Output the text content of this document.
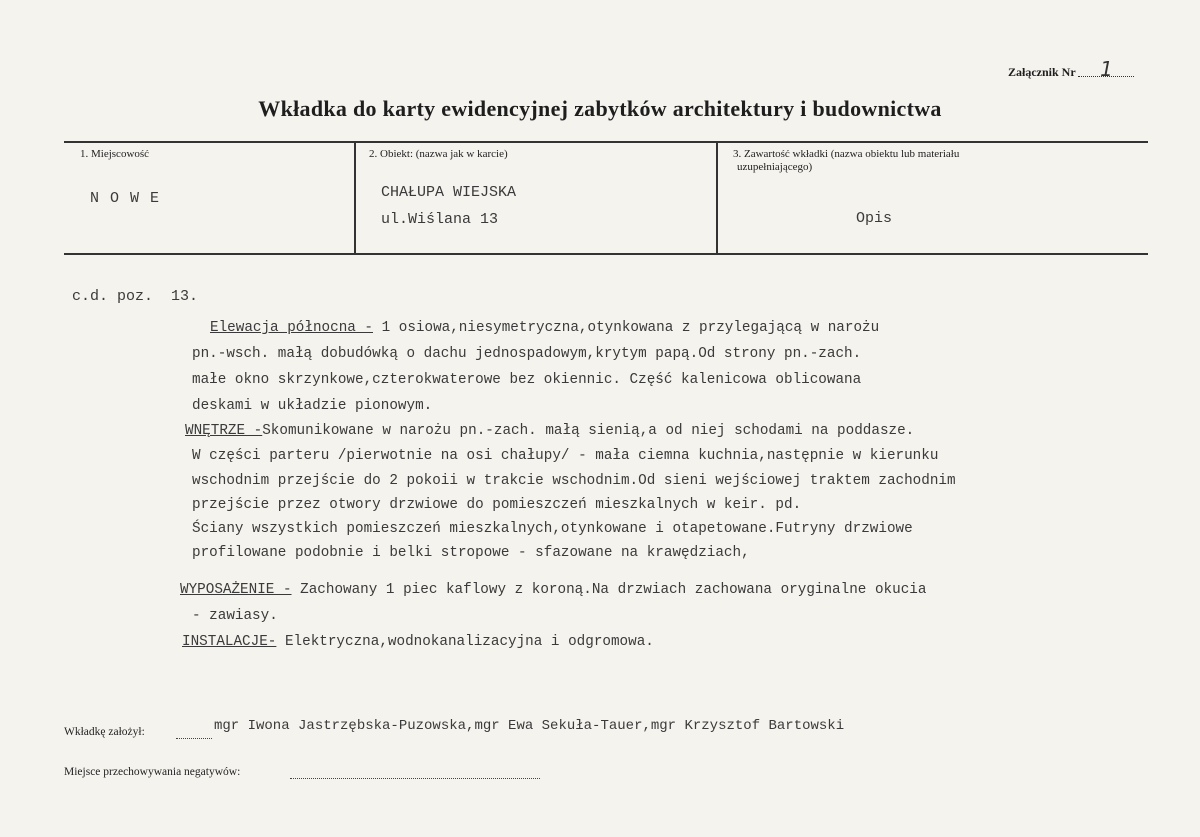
Załącznik Nr 1
Wkładka do karty ewidencyjnej zabytków architektury i budownictwa
1. Miejscowość
N O W E
2. Obiekt: (nazwa jak w karcie)
CHAŁUPA WIEJSKA
ul.Wiślana 13
3. Zawartość wkładki (nazwa obiektu lub materiału
uzupełniającego)
Opis
c.d. poz.  13.
Elewacja północna - 1 osiowa,niesymetryczna,otynkowana z przylegającą w narożu
pn.-wsch. małą dobudówką o dachu jednospadowym,krytym papą.Od strony pn.-zach.
małe okno skrzynkowe,czterokwaterowe bez okiennic. Część kalenicowa oblicowana
deskami w układzie pionowym.
WNĘTRZE -Skomunikowane w narożu pn.-zach. małą sienią,a od niej schodami na poddasze.
W części parteru /pierwotnie na osi chałupy/ - mała ciemna kuchnia,następnie w kierunku
wschodnim przejście do 2 pokoii w trakcie wschodnim.Od sieni wejściowej traktem zachodnim
przejście przez otwory drzwiowe do pomieszczeń mieszkalnych w keir. pd.
Ściany wszystkich pomieszczeń mieszkalnych,otynkowane i otapetowane.Futryny drzwiowe
profilowane podobnie i belki stropowe - sfazowane na krawędziach,
WYPOSAŻENIE - Zachowany 1 piec kaflowy z koroną.Na drzwiach zachowana oryginalne okucia
- zawiasy.
INSTALACJE- Elektryczna,wodnokanalizacyjna i odgromowa.
Wkładkę założył:	mgr Iwona Jastrzębska-Puzowska,mgr Ewa Sekuła-Tauer,mgr Krzysztof Bartowski
Miejsce przechowywania negatywów:
